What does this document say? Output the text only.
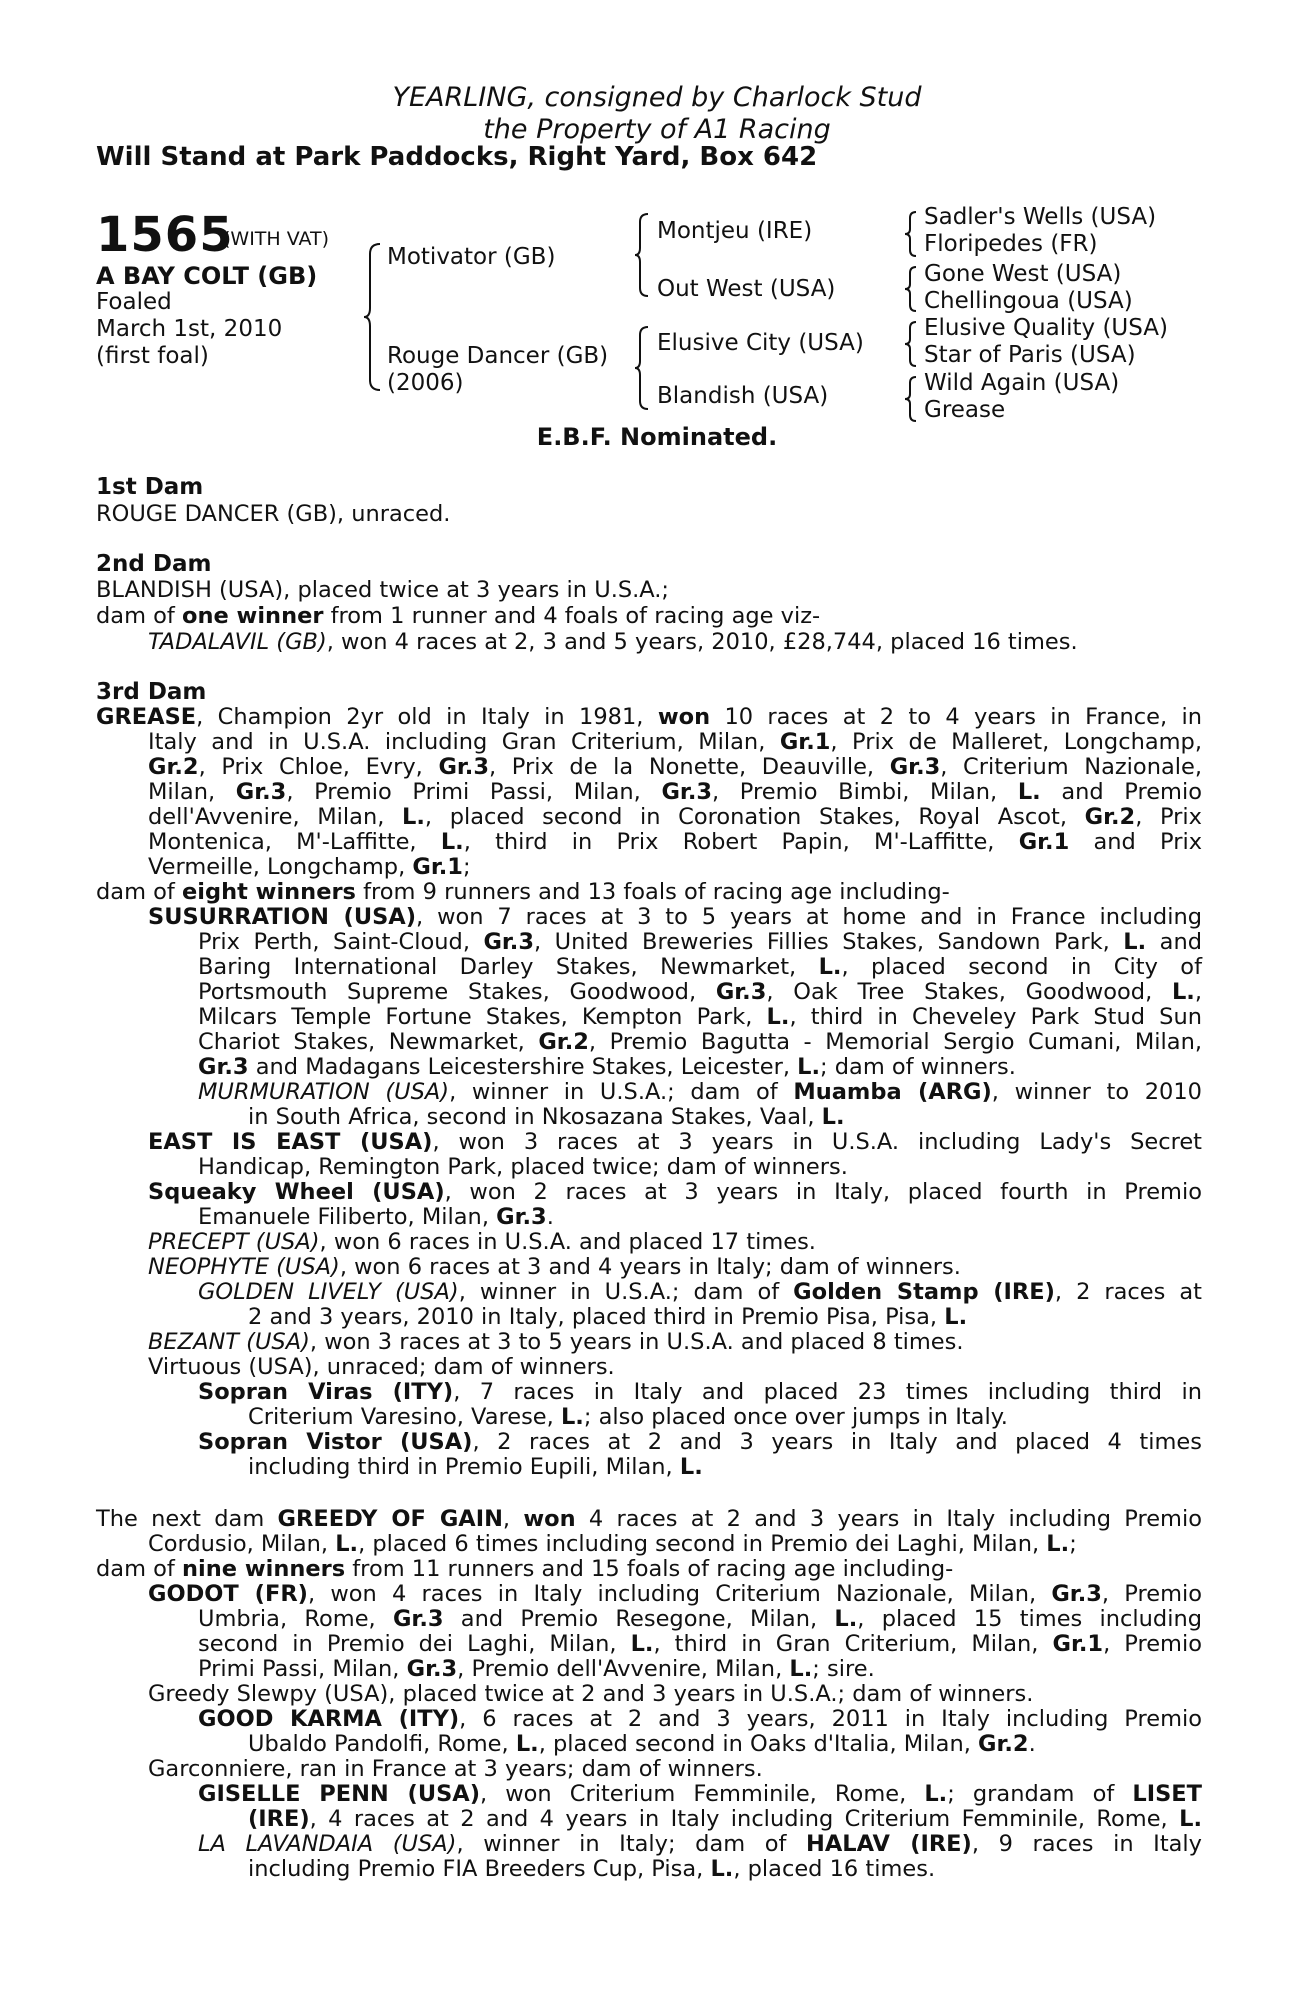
YEARLING, consigned by Charlock Stud
the Property of A1 Racing
Will Stand at Park Paddocks, Right Yard, Box 642
1565
(WITH VAT)
A BAY COLT (GB)
Foaled
March 1st, 2010
(first foal)
Motivator (GB)
Rouge Dancer (GB)
(2006)
Montjeu (IRE)
Out West (USA)
Elusive City (USA)
Blandish (USA)
Sadler's Wells (USA)
Floripedes (FR)
Gone West (USA)
Chellingoua (USA)
Elusive Quality (USA)
Star of Paris (USA)
Wild Again (USA)
Grease
E.B.F. Nominated.
1st Dam
ROUGE DANCER (GB), unraced.
2nd Dam
BLANDISH (USA), placed twice at 3 years in U.S.A.;
dam of one winner from 1 runner and 4 foals of racing age viz-
TADALAVIL (GB), won 4 races at 2, 3 and 5 years, 2010, £28,744, placed 16 times.
3rd Dam
GREASE, Champion 2yr old in Italy in 1981, won 10 races at 2 to 4 years in France, in
Italy and in U.S.A. including Gran Criterium, Milan, Gr.1, Prix de Malleret, Longchamp,
Gr.2, Prix Chloe, Evry, Gr.3, Prix de la Nonette, Deauville, Gr.3, Criterium Nazionale,
Milan, Gr.3, Premio Primi Passi, Milan, Gr.3, Premio Bimbi, Milan, L. and Premio
dell'Avvenire, Milan, L., placed second in Coronation Stakes, Royal Ascot, Gr.2, Prix
Montenica, M'-Laffitte, L., third in Prix Robert Papin, M'-Laffitte, Gr.1 and Prix
Vermeille, Longchamp, Gr.1;
dam of eight winners from 9 runners and 13 foals of racing age including-
SUSURRATION (USA), won 7 races at 3 to 5 years at home and in France including
Prix Perth, Saint-Cloud, Gr.3, United Breweries Fillies Stakes, Sandown Park, L. and
Baring International Darley Stakes, Newmarket, L., placed second in City of
Portsmouth Supreme Stakes, Goodwood, Gr.3, Oak Tree Stakes, Goodwood, L.,
Milcars Temple Fortune Stakes, Kempton Park, L., third in Cheveley Park Stud Sun
Chariot Stakes, Newmarket, Gr.2, Premio Bagutta - Memorial Sergio Cumani, Milan,
Gr.3 and Madagans Leicestershire Stakes, Leicester, L.; dam of winners.
MURMURATION (USA), winner in U.S.A.; dam of Muamba (ARG), winner to 2010
in South Africa, second in Nkosazana Stakes, Vaal, L.
EAST IS EAST (USA), won 3 races at 3 years in U.S.A. including Lady's Secret
Handicap, Remington Park, placed twice; dam of winners.
Squeaky Wheel (USA), won 2 races at 3 years in Italy, placed fourth in Premio
Emanuele Filiberto, Milan, Gr.3.
PRECEPT (USA), won 6 races in U.S.A. and placed 17 times.
NEOPHYTE (USA), won 6 races at 3 and 4 years in Italy; dam of winners.
GOLDEN LIVELY (USA), winner in U.S.A.; dam of Golden Stamp (IRE), 2 races at
2 and 3 years, 2010 in Italy, placed third in Premio Pisa, Pisa, L.
BEZANT (USA), won 3 races at 3 to 5 years in U.S.A. and placed 8 times.
Virtuous (USA), unraced; dam of winners.
Sopran Viras (ITY), 7 races in Italy and placed 23 times including third in
Criterium Varesino, Varese, L.; also placed once over jumps in Italy.
Sopran Vistor (USA), 2 races at 2 and 3 years in Italy and placed 4 times
including third in Premio Eupili, Milan, L.
The next dam GREEDY OF GAIN, won 4 races at 2 and 3 years in Italy including Premio
Cordusio, Milan, L., placed 6 times including second in Premio dei Laghi, Milan, L.;
dam of nine winners from 11 runners and 15 foals of racing age including-
GODOT (FR), won 4 races in Italy including Criterium Nazionale, Milan, Gr.3, Premio
Umbria, Rome, Gr.3 and Premio Resegone, Milan, L., placed 15 times including
second in Premio dei Laghi, Milan, L., third in Gran Criterium, Milan, Gr.1, Premio
Primi Passi, Milan, Gr.3, Premio dell'Avvenire, Milan, L.; sire.
Greedy Slewpy (USA), placed twice at 2 and 3 years in U.S.A.; dam of winners.
GOOD KARMA (ITY), 6 races at 2 and 3 years, 2011 in Italy including Premio
Ubaldo Pandolfi, Rome, L., placed second in Oaks d'Italia, Milan, Gr.2.
Garconniere, ran in France at 3 years; dam of winners.
GISELLE PENN (USA), won Criterium Femminile, Rome, L.; grandam of LISET
(IRE), 4 races at 2 and 4 years in Italy including Criterium Femminile, Rome, L.
LA LAVANDAIA (USA), winner in Italy; dam of HALAV (IRE), 9 races in Italy
including Premio FIA Breeders Cup, Pisa, L., placed 16 times.
